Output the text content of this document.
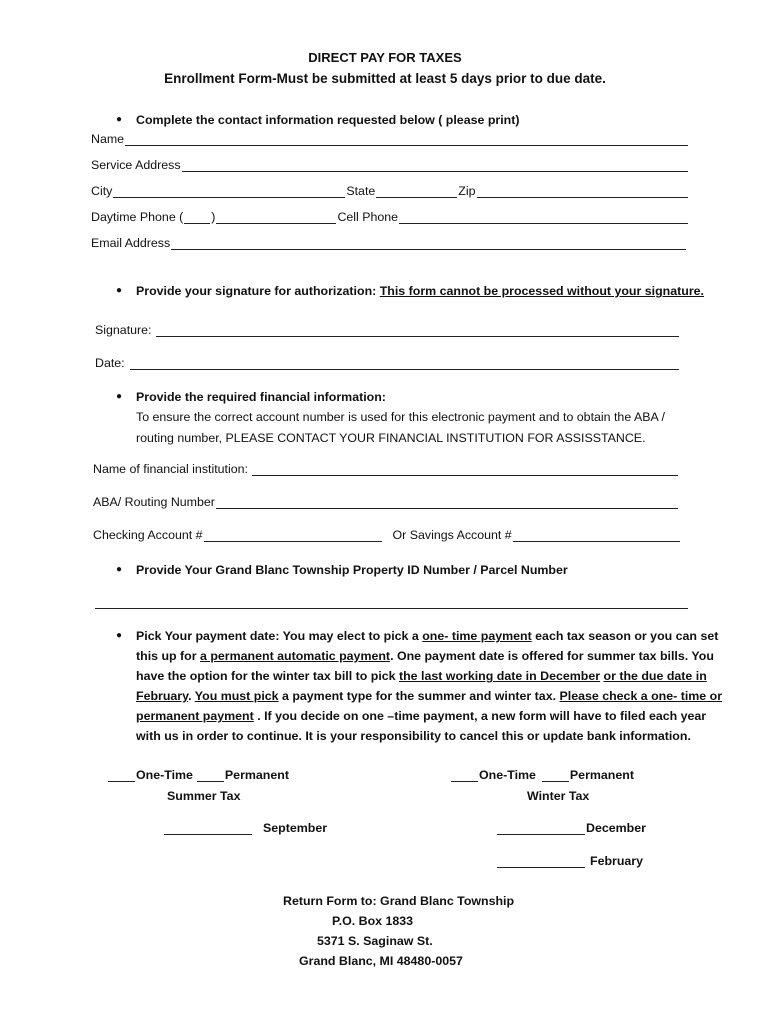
DIRECT PAY FOR TAXES
Enrollment Form-Must be submitted at least 5 days prior to due date.
● Complete the contact information requested below ( please print)
Name
Service Address
City	State	Zip
Daytime Phone ( )	Cell Phone
Email Address
● Provide your signature for authorization: This form cannot be processed without your signature.
Signature:
Date:
● Provide the required financial information:
To ensure the correct account number is used for this electronic payment and to obtain the ABA /
routing number, PLEASE CONTACT YOUR FINANCIAL INSTITUTION FOR ASSISSTANCE.
Name of financial institution:
ABA/ Routing Number
Checking Account #	Or Savings Account #
● Provide Your Grand Blanc Township Property ID Number / Parcel Number
● Pick Your payment date: You may elect to pick a one- time payment each tax season or you can set this up for a permanent automatic payment. One payment date is offered for summer tax bills. You have the option for the winter tax bill to pick the last working date in December or the due date in February. You must pick a payment type for the summer and winter tax. Please check a one- time or permanent payment . If you decide on one –time payment, a new form will have to filed each year with us in order to continue. It is your responsibility to cancel this or update bank information.
One-Time	Permanent
Summer Tax
September
One-Time	Permanent
Winter Tax
December
February
Return Form to: Grand Blanc Township
P.O. Box 1833
5371 S. Saginaw St.
Grand Blanc, MI 48480-0057
